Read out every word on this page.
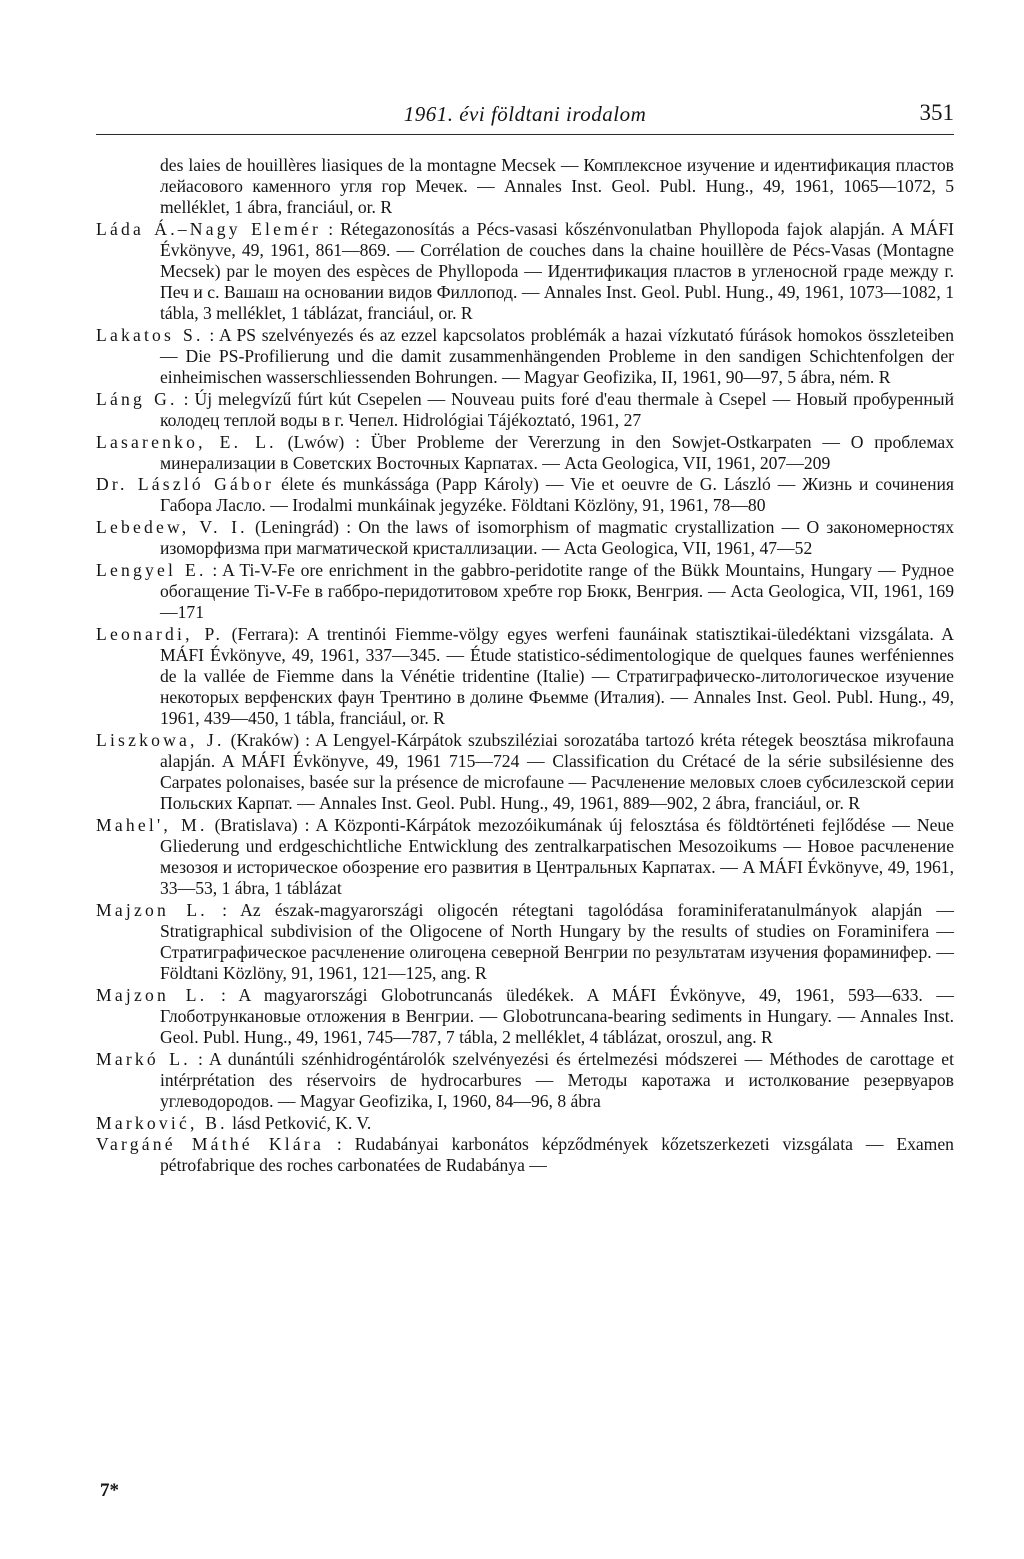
1961. évi földtani irodalom	351

des laies de houillères liasiques de la montagne Mecsek — Комплексное изучение и идентификация пластов лейасового каменного угля гор Мечек. — Annales Inst. Geol. Publ. Hung., 49, 1961, 1065—1072, 5 melléklet, 1 ábra, franciául, or. R

Láda Á.–Nagy Elemér : Rétegazonosítás a Pécs-vasasi kőszénvonulatban Phyllopoda fajok alapján. A MÁFI Évkönyve, 49, 1961, 861—869. — Corrélation de couches dans la chaine houillère de Pécs-Vasas (Montagne Mecsek) par le moyen des espèces de Phyllopoda — Идентификация пластов в угленосной граде между г. Печ и с. Вашаш на основании видов Филлопод. — Annales Inst. Geol. Publ. Hung., 49, 1961, 1073—1082, 1 tábla, 3 melléklet, 1 táblázat, franciául, or. R

Lakatos S. : A PS szelvényezés és az ezzel kapcsolatos problémák a hazai vízkutató fúrások homokos összleteiben — Die PS-Profilierung und die damit zusammenhängenden Probleme in den sandigen Schichtenfolgen der einheimischen wasserschliessenden Bohrungen. — Magyar Geofizika, II, 1961, 90—97, 5 ábra, ném. R

Láng G. : Új melegvízű fúrt kút Csepelen — Nouveau puits foré d'eau thermale à Csepel — Новый пробуренный колодец теплой воды в г. Чепел. Hidrológiai Tájékoztató, 1961, 27

Lasarenko, E. L. (Lwów) : Über Probleme der Vererzung in den Sowjet-Ostkarpaten — О проблемах минерализации в Советских Восточных Карпатах. — Acta Geologica, VII, 1961, 207—209

Dr. László Gábor élete és munkássága (Papp Károly) — Vie et oeuvre de G. László — Жизнь и сочинения Габора Ласло. — Irodalmi munkáinak jegyzéke. Földtani Közlöny, 91, 1961, 78—80

Lebedew, V. I. (Leningrád) : On the laws of isomorphism of magmatic crystallization — О закономерностях изоморфизма при магматической кристаллизации. — Acta Geologica, VII, 1961, 47—52

Lengyel E. : A Ti-V-Fe ore enrichment in the gabbro-peridotite range of the Bükk Mountains, Hungary — Рудное обогащение Ti-V-Fe в габбро-перидотитовом хребте гор Бюкк, Венгрия. — Acta Geologica, VII, 1961, 169—171

Leonardi, P. (Ferrara): A trentinói Fiemme-völgy egyes werfeni faunáinak statisztikai-üledéktani vizsgálata. A MÁFI Évkönyve, 49, 1961, 337—345. — Étude statistico-sédimentologique de quelques faunes werféniennes de la vallée de Fiemme dans la Vénétie tridentine (Italie) — Стратиграфическо-литологическое изучение некоторых верфенских фаун Трентино в долине Фьемме (Италия). — Annales Inst. Geol. Publ. Hung., 49, 1961, 439—450, 1 tábla, franciául, or. R

Liszkowa, J. (Kraków) : A Lengyel-Kárpátok szubsziléziai sorozatába tartozó kréta rétegek beosztása mikrofauna alapján. A MÁFI Évkönyve, 49, 1961 715—724 — Classification du Crétacé de la série subsilésienne des Carpates polonaises, basée sur la présence de microfaune — Расчленение меловых слоев субсилезской серии Польских Карпат. — Annales Inst. Geol. Publ. Hung., 49, 1961, 889—902, 2 ábra, franciául, or. R

Mahel', M. (Bratislava) : A Központi-Kárpátok mezozóikumának új felosztása és földtörténeti fejlődése — Neue Gliederung und erdgeschichtliche Entwicklung des zentralkarpatischen Mesozoikums — Новое расчленение мезозоя и историческое обозрение его развития в Центральных Карпатах. — A MÁFI Évkönyve, 49, 1961, 33—53, 1 ábra, 1 táblázat

Majzon L. : Az észak-magyarországi oligocén rétegtani tagolódása foraminiferatanulmányok alapján — Stratigraphical subdivision of the Oligocene of North Hungary by the results of studies on Foraminifera — Стратиграфическое расчленение олигоцена северной Венгрии по результатам изучения форaминифер. — Földtani Közlöny, 91, 1961, 121—125, ang. R

Majzon L. : A magyarországi Globotruncanás üledékek. A MÁFI Évkönyve, 49, 1961, 593—633. — Глоботрунканoвые отложения в Венгрии. — Globotruncana-bearing sediments in Hungary. — Annales Inst. Geol. Publ. Hung., 49, 1961, 745—787, 7 tábla, 2 melléklet, 4 táblázat, oroszul, ang. R

Markó L. : A dunántúli szénhidrogéntárolók szelvényezési és értelmezési módszerei — Méthodes de carottage et intérprétation des réservoirs de hydrocarbures — Методы каротажа и истолкование резервуаров углеводородов. — Magyar Geofizika, I, 1960, 84—96, 8 ábra

Marković, B. lásd Petković, K. V.

Vargáné Máthé Klára : Rudabányai karbonátos képződmények kőzetszerkezeti vizsgálata — Examen pétrofabrique des roches carbonatées de Rudabánya —

7*
